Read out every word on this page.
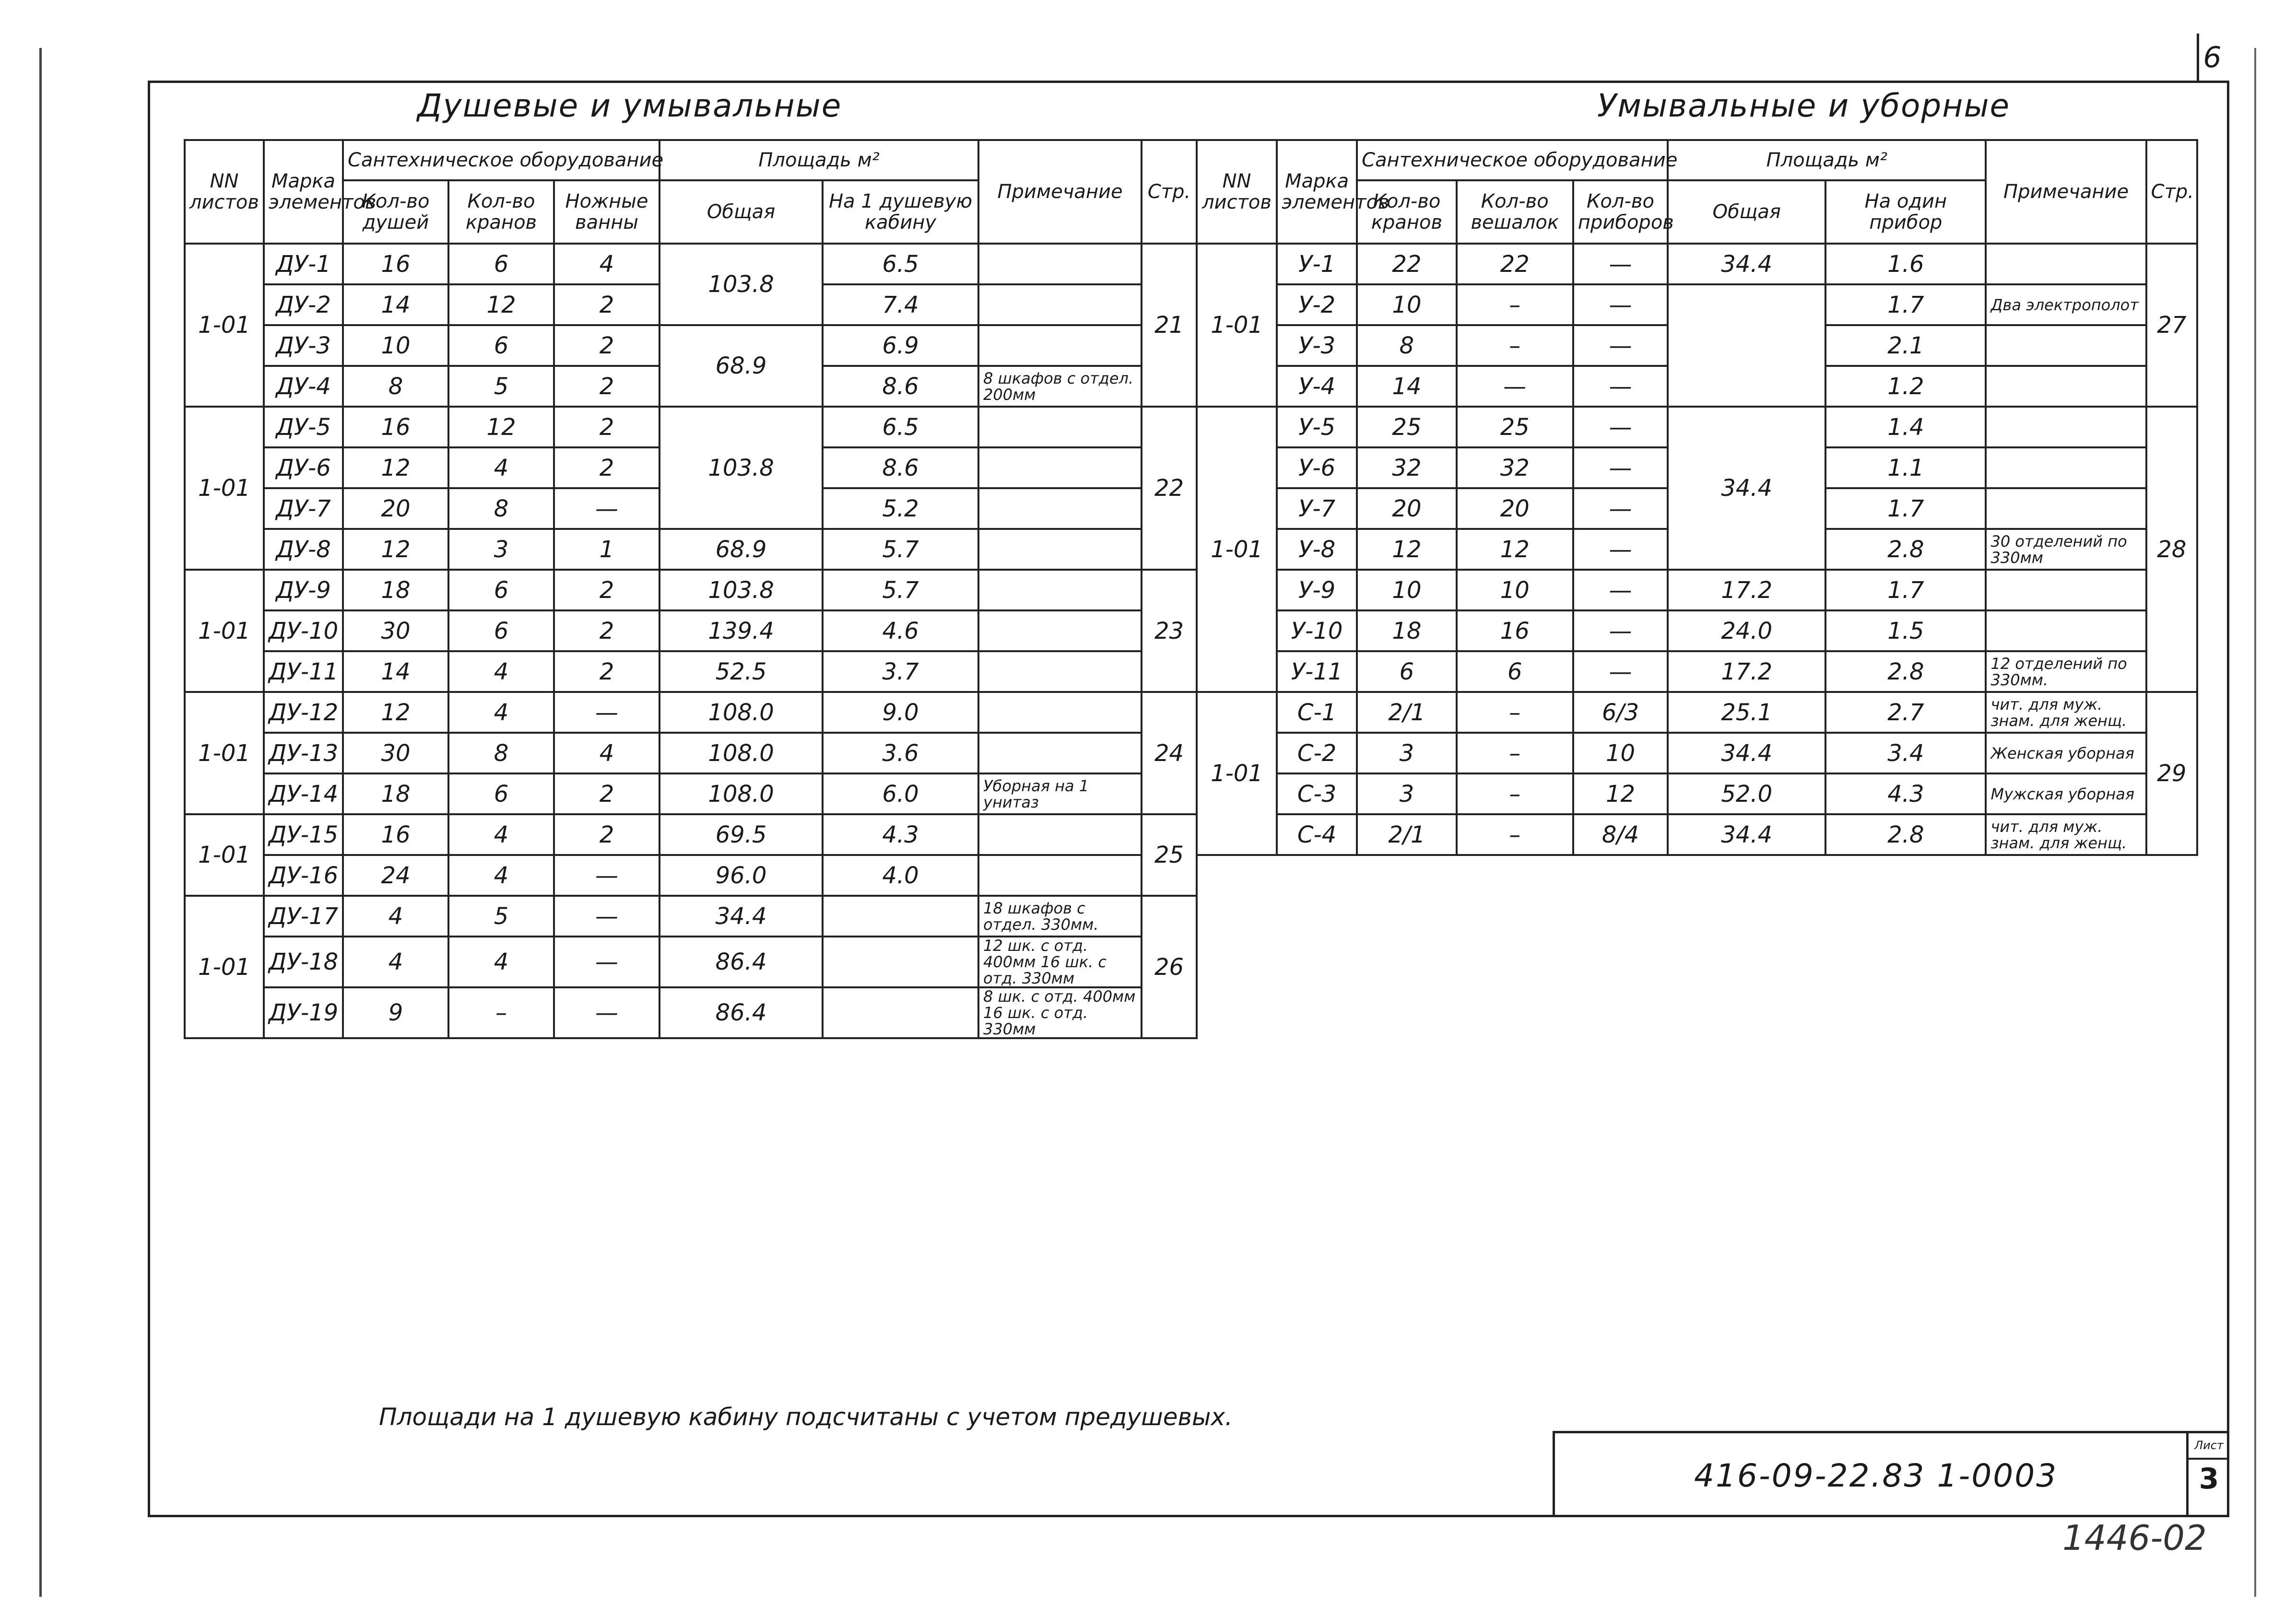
6
Душевые и умывальные	Умывальные и уборные
NN листов	Марка элементов	Сантехническое оборудование			Площадь м²		Примечание	Стр.
		Кол-во душей	Кол-во кранов	Ножные ванны	Общая	На 1 душевую кабину		
1-01	ДУ-1	16	6	4	103.8	6.5		21
	ДУ-2	14	12	2		7.4		
	ДУ-3	10	6	2	68.9	6.9		
	ДУ-4	8	5	2		8.6	8 шкафов с отдел. 200мм	
1-01	ДУ-5	16	12	2	103.8	6.5		22
	ДУ-6	12	4	2		8.6		
	ДУ-7	20	8	—		5.2		
	ДУ-8	12	3	1	68.9	5.7		
1-01	ДУ-9	18	6	2	103.8	5.7		23
	ДУ-10	30	6	2	139.4	4.6		
	ДУ-11	14	4	2	52.5	3.7		
1-01	ДУ-12	12	4	—	108.0	9.0		24
	ДУ-13	30	8	4	108.0	3.6		
	ДУ-14	18	6	2	108.0	6.0	Уборная на 1 унитаз	
1-01	ДУ-15	16	4	2	69.5	4.3		25
	ДУ-16	24	4	—	96.0	4.0		
1-01	ДУ-17	4	5	—	34.4		18 шкафов с отдел. 330мм.	26
	ДУ-18	4	4	—	86.4		12 шк. с отд. 400мм 16 шк. с отд. 330мм	
	ДУ-19	9	–	—	86.4		8 шк. с отд. 400мм 16 шк. с отд. 330мм	
NN листов	Марка элементов	Сантехническое оборудование			Площадь м²		Примечание	Стр.
		Кол-во кранов	Кол-во вешалок	Кол-во приборов	Общая	На один прибор		
1-01	У-1	22	22	—	34.4	1.6		27
	У-2	10	–	—		1.7	Два электрополот	
	У-3	8	–	—		2.1		
	У-4	14	—	—		1.2		
1-01	У-5	25	25	—	34.4	1.4		28
	У-6	32	32	—		1.1		
	У-7	20	20	—		1.7		
	У-8	12	12	—		2.8	30 отделений по 330мм	
	У-9	10	10	—	17.2	1.7		
	У-10	18	16	—	24.0	1.5		
	У-11	6	6	—	17.2	2.8	12 отделений по 330мм.	
1-01	С-1	2/1	–	6/3	25.1	2.7	чит. для муж. знам. для женщ.	29
	С-2	3	–	10	34.4	3.4	Женская уборная	
	С-3	3	–	12	52.0	4.3	Мужская уборная	
	С-4	2/1	–	8/4	34.4	2.8	чит. для муж. знам. для женщ.	
Площади на 1 душевую кабину подсчитаны с учетом предушевых.
416-09-22.83 1-0003
Лист
3
1446-02
